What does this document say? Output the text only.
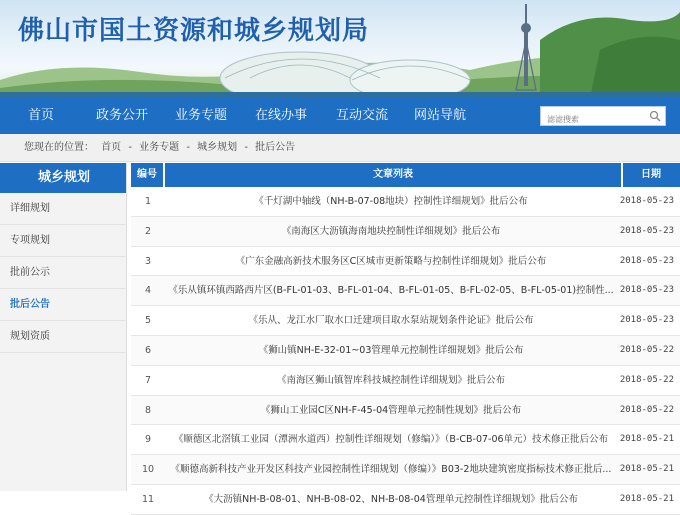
佛山市国土资源和城乡规划局
首页	政务公开 业务专题 在线办事 互动交流 网站导航
滤滤搜索
您现在的位置： 首页 - 业务专题 - 城乡规划 - 批后公告
城乡规划
详细规划
专项规划
批前公示
批后公告
规划资质
编号	文章列表	日期
1	《千灯湖中轴线（NH-B-07-08地块）控制性详细规划》批后公布	2018-05-23
2	《南海区大沥镇海南地块控制性详细规划》批后公布	2018-05-23
3	《广东金融高新技术服务区C区城市更新策略与控制性详细规划》批后公布	2018-05-23
4	《乐从镇环镇西路西片区(B-FL-01-03、B-FL-01-04、B-FL-01-05、B-FL-02-05、B-FL-05-01)控制性... 2018-05-23
5	《乐从、龙江水厂取水口迁建项目取水泵站规划条件论证》批后公布	2018-05-23
6	《狮山镇NH-E-32-01~03管理单元控制性详细规划》批后公布	2018-05-22
7	《南海区狮山镇智库科技城控制性详细规划》批后公布	2018-05-22
8	《狮山工业园C区NH-F-45-04管理单元控制性规划》批后公布	2018-05-22
9	《顺德区北滘镇工业园（潭洲水道西）控制性详细规划（修编）》（B-CB-07-06单元）技术修正批后公布	2018-05-21
10	《顺德高新科技产业开发区科技产业园控制性详细规划（修编）》B03-2地块建筑密度指标技术修正批后... 2018-05-21
11	《大沥镇NH-B-08-01、NH-B-08-02、NH-B-08-04管理单元控制性详细规划》批后公布	2018-05-21
